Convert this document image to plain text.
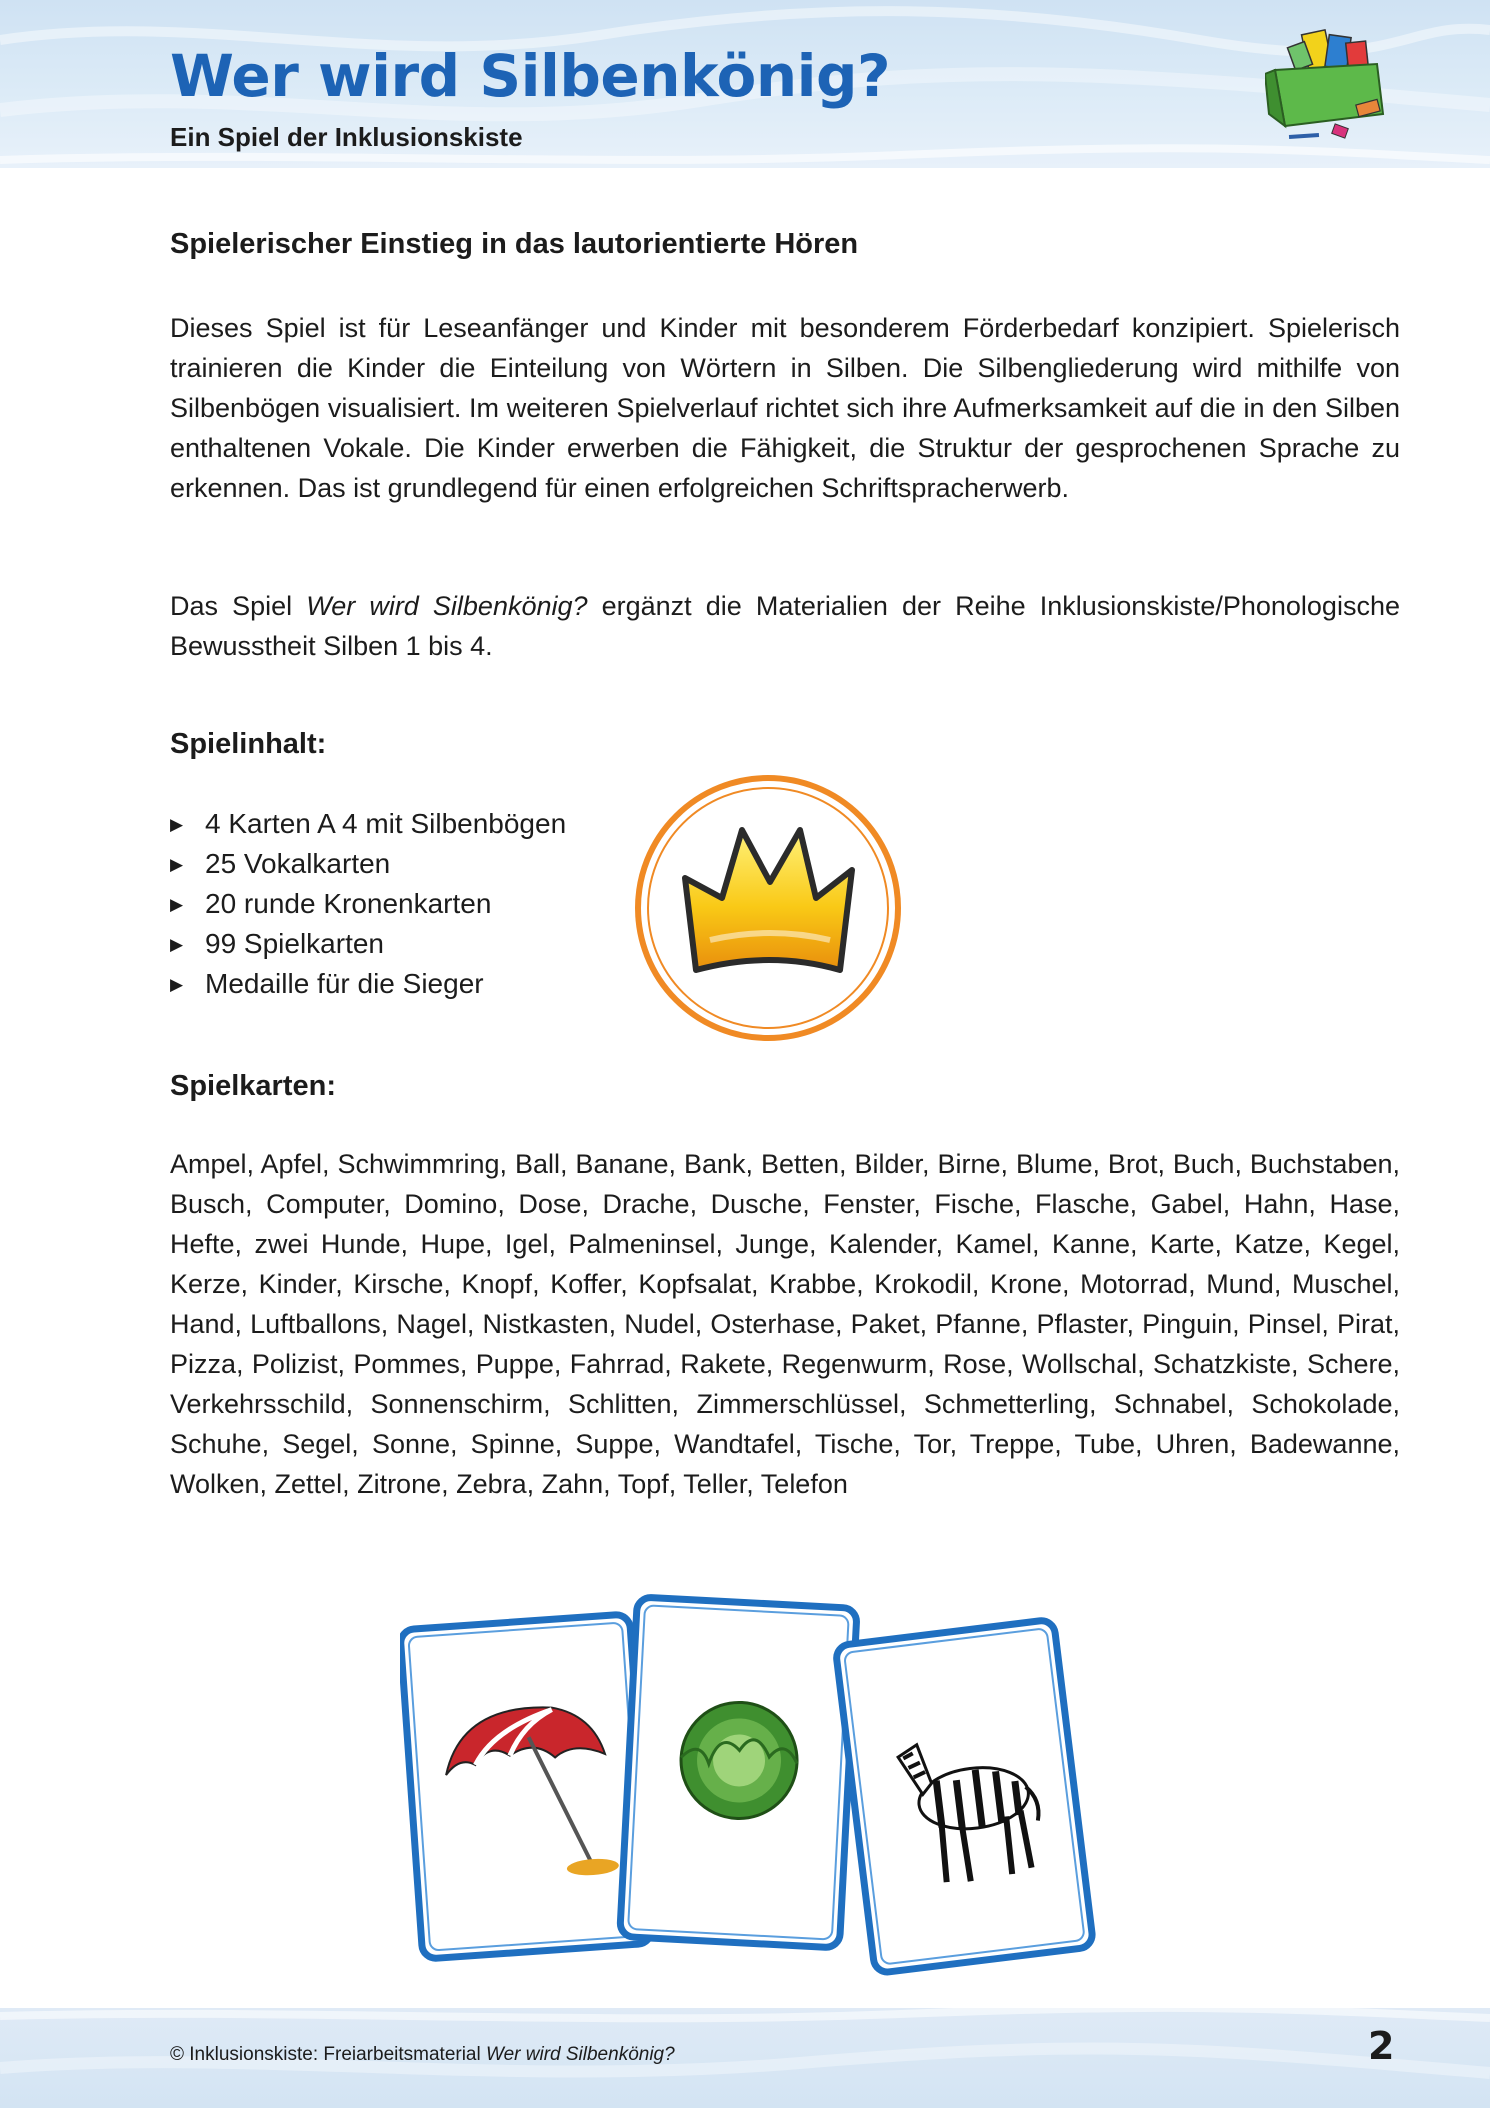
Wer wird Silbenkönig?
Ein Spiel der Inklusionskiste
Spielerischer Einstieg in das lautorientierte Hören

Dieses Spiel ist für Leseanfänger und Kinder mit besonderem Förderbedarf konzipiert. Spielerisch trainieren die Kinder die Einteilung von Wörtern in Silben. Die Silbengliederung wird mithilfe von Silbenbögen visualisiert. Im weiteren Spielverlauf richtet sich ihre Aufmerksamkeit auf die in den Silben enthaltenen Vokale. Die Kinder erwerben die Fähigkeit, die Struktur der gesprochenen Sprache zu erkennen. Das ist grundlegend für einen erfolgreichen Schriftspracherwerb.

Das Spiel Wer wird Silbenkönig? ergänzt die Materialien der Reihe Inklusionskiste/Phonologische Bewusstheit Silben 1 bis 4.

Spielinhalt:
▶ 4 Karten A 4 mit Silbenbögen
▶ 25 Vokalkarten
▶ 20 runde Kronenkarten
▶ 99 Spielkarten
▶ Medaille für die Sieger
Spielkarten:

Ampel, Apfel, Schwimmring, Ball, Banane, Bank, Betten, Bilder, Birne, Blume, Brot, Buch, Buchstaben, Busch, Computer, Domino, Dose, Drache, Dusche, Fenster, Fische, Flasche, Gabel, Hahn, Hase, Hefte, zwei Hunde, Hupe, Igel, Palmeninsel, Junge, Kalender, Kamel, Kanne, Karte, Katze, Kegel, Kerze, Kinder, Kirsche, Knopf, Koffer, Kopfsalat, Krabbe, Krokodil, Krone, Motorrad, Mund, Muschel, Hand, Luftballons, Nagel, Nistkasten, Nudel, Osterhase, Paket, Pfanne, Pflaster, Pinguin, Pinsel, Pirat, Pizza, Polizist, Pommes, Puppe, Fahrrad, Rakete, Regenwurm, Rose, Wollschal, Schatzkiste, Schere, Verkehrsschild, Sonnenschirm, Schlitten, Zimmerschlüssel, Schmetterling, Schnabel, Schokolade, Schuhe, Segel, Sonne, Spinne, Suppe, Wandtafel, Tische, Tor, Treppe, Tube, Uhren, Badewanne, Wolken, Zettel, Zitrone, Zebra, Zahn, Topf, Teller, Telefon

© Inklusionskiste: Freiarbeitsmaterial Wer wird Silbenkönig?	2
